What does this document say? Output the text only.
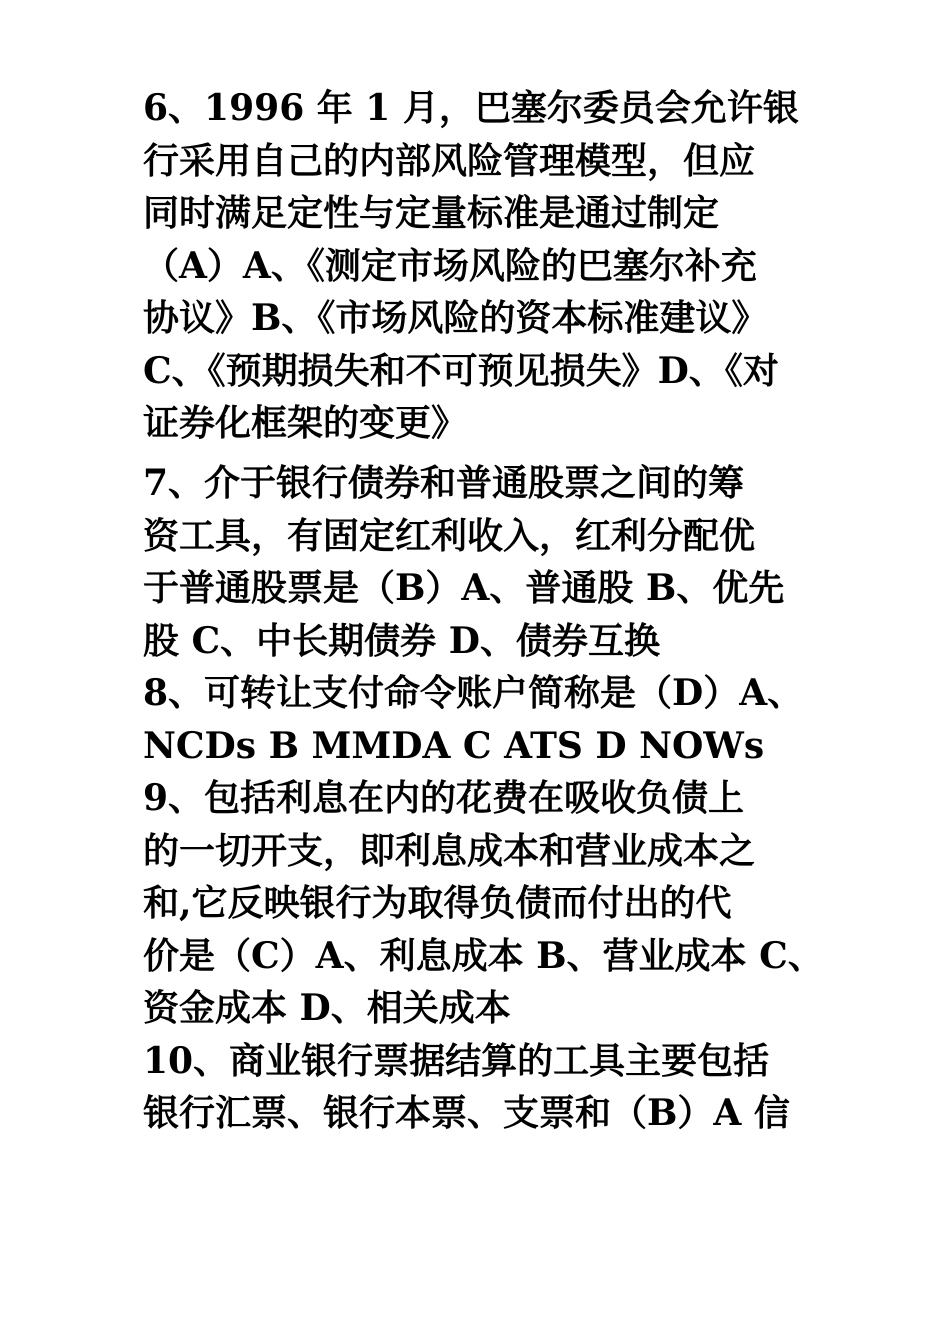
6、1996 年 1 月，巴塞尔委员会允许银
行采用自己的内部风险管理模型，但应
同时满足定性与定量标准是通过制定
（A）A、《测定市场风险的巴塞尔补充
协议》B、《市场风险的资本标准建议》
C、《预期损失和不可预见损失》D、《对
证券化框架的变更》
7、介于银行债券和普通股票之间的筹
资工具，有固定红利收入，红利分配优
于普通股票是（B）A、普通股 B、优先
股 C、中长期债券 D、债券互换
8、可转让支付命令账户简称是（D）A、
NCDs B MMDA C ATS D NOWs
9、包括利息在内的花费在吸收负债上
的一切开支，即利息成本和营业成本之
和,它反映银行为取得负债而付出的代
价是（C）A、利息成本 B、营业成本 C、
资金成本 D、相关成本
10、商业银行票据结算的工具主要包括
银行汇票、银行本票、支票和（B）A 信
